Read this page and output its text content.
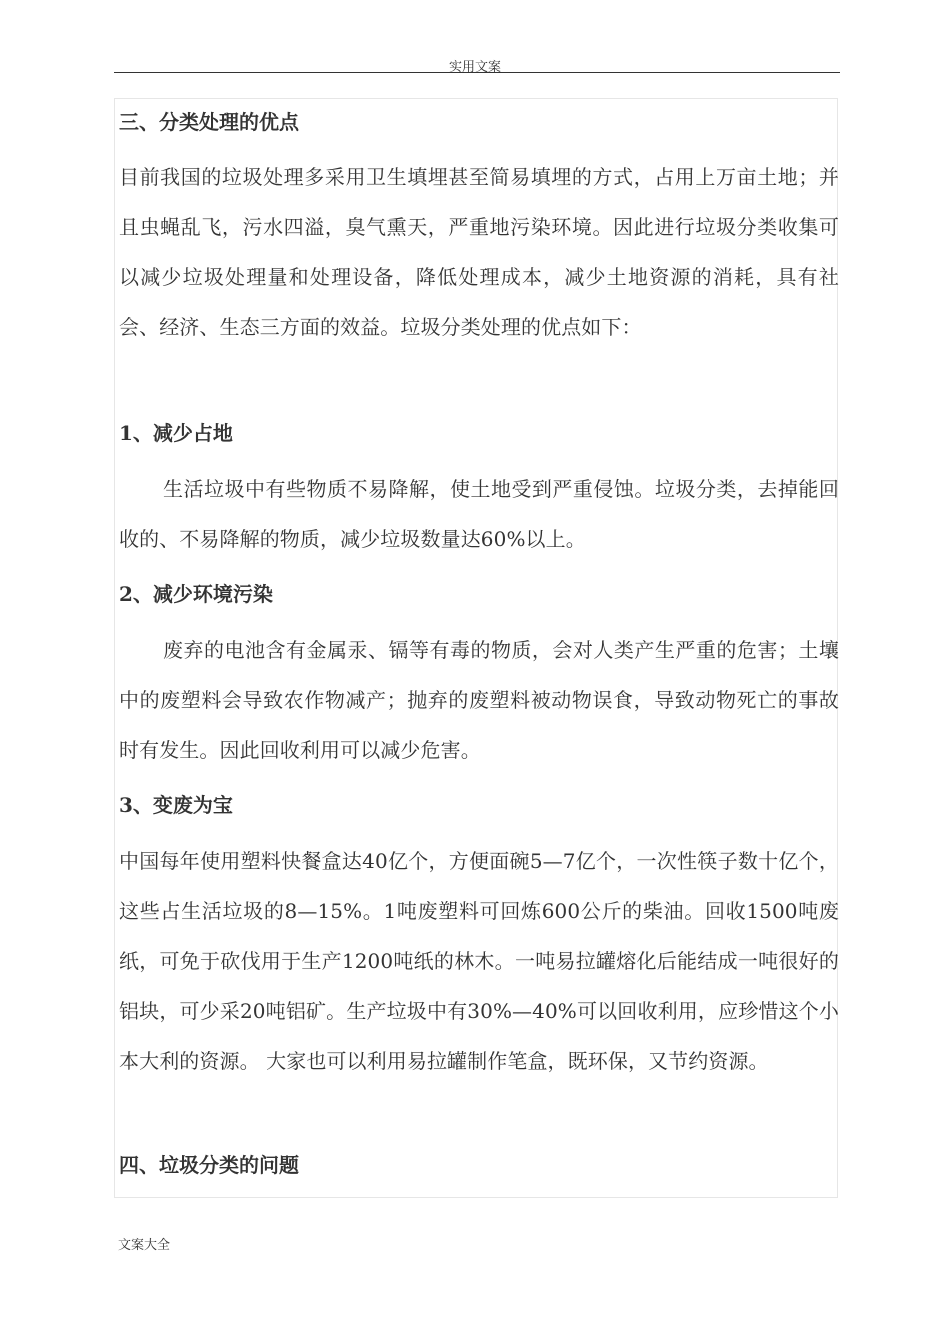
实用文案
三、分类处理的优点
目前我国的垃圾处理多采用卫生填埋甚至简易填埋的方式，占用上万亩土地；并且虫蝇乱飞，污水四溢，臭气熏天，严重地污染环境。因此进行垃圾分类收集可以减少垃圾处理量和处理设备，降低处理成本，减少土地资源的消耗，具有社会、经济、生态三方面的效益。垃圾分类处理的优点如下：
1、减少占地
生活垃圾中有些物质不易降解，使土地受到严重侵蚀。垃圾分类，去掉能回收的、不易降解的物质，减少垃圾数量达60%以上。
2、减少环境污染
废弃的电池含有金属汞、镉等有毒的物质，会对人类产生严重的危害；土壤中的废塑料会导致农作物减产；抛弃的废塑料被动物误食，导致动物死亡的事故时有发生。因此回收利用可以减少危害。
3、变废为宝
中国每年使用塑料快餐盒达40亿个，方便面碗5—7亿个，一次性筷子数十亿个，这些占生活垃圾的8—15%。1吨废塑料可回炼600公斤的柴油。回收1500吨废纸，可免于砍伐用于生产1200吨纸的林木。一吨易拉罐熔化后能结成一吨很好的铝块，可少采20吨铝矿。生产垃圾中有30%—40%可以回收利用，应珍惜这个小本大利的资源。 大家也可以利用易拉罐制作笔盒，既环保，又节约资源。
四、垃圾分类的问题
文案大全
